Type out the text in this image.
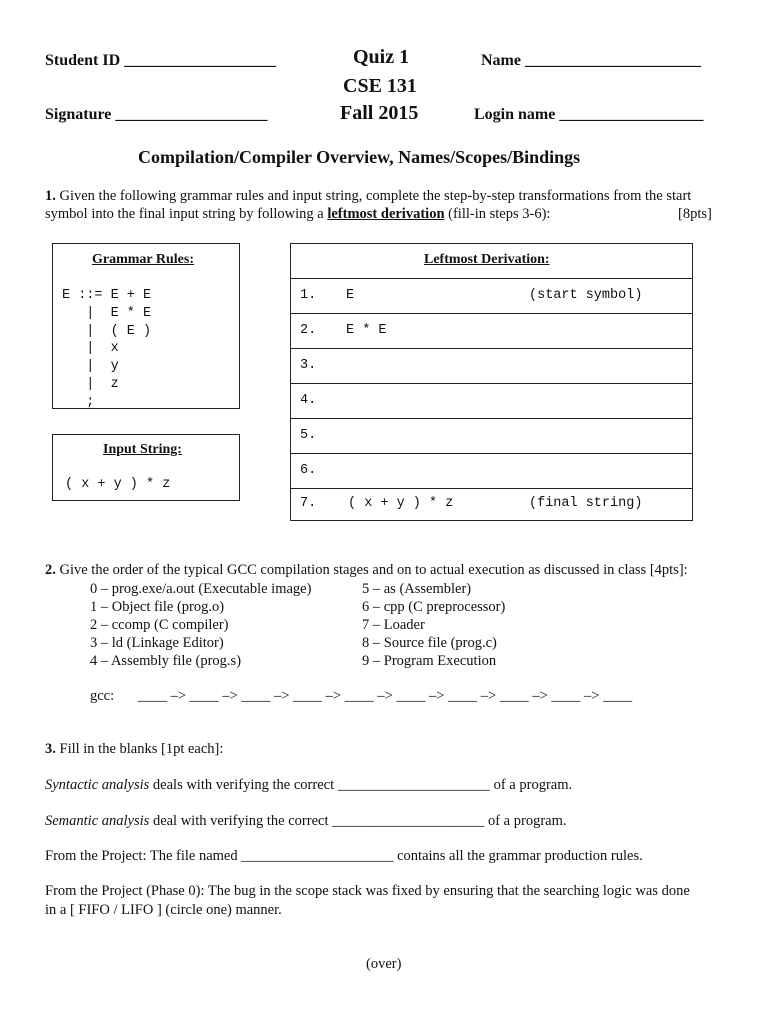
Student ID ___________________
Signature ___________________
Quiz 1
CSE 131
Fall 2015
Name ______________________
Login name __________________
Compilation/Compiler Overview, Names/Scopes/Bindings
1. Given the following grammar rules and input string, complete the step-by-step transformations from the start
symbol into the final input string by following a leftmost derivation (fill-in steps 3-6):	[8pts]
Grammar Rules:
E ::= E + E
|  E * E
|  ( E )
|  x
|  y
|  z
;
Input String:
( x + y ) * z
Leftmost Derivation:
1. E	(start symbol)
2. E * E
3.
4.
5.
6.
7. ( x + y ) * z	(final string)
2. Give the order of the typical GCC compilation stages and on to actual execution as discussed in class [4pts]:
0 – prog.exe/a.out (Executable image)
1 – Object file (prog.o)
2 – ccomp (C compiler)
3 – ld (Linkage Editor)
4 – Assembly file (prog.s)
5 – as (Assembler)
6 – cpp (C preprocessor)
7 – Loader
8 – Source file (prog.c)
9 – Program Execution
gcc: ____ –> ____ –> ____ –> ____ –> ____ –> ____ –> ____ –> ____ –> ____ –> ____
3. Fill in the blanks [1pt each]:
Syntactic analysis deals with verifying the correct _____________________ of a program.
Semantic analysis deal with verifying the correct _____________________ of a program.
From the Project: The file named _____________________ contains all the grammar production rules.
From the Project (Phase 0): The bug in the scope stack was fixed by ensuring that the searching logic was done
in a [ FIFO / LIFO ] (circle one) manner.
(over)
